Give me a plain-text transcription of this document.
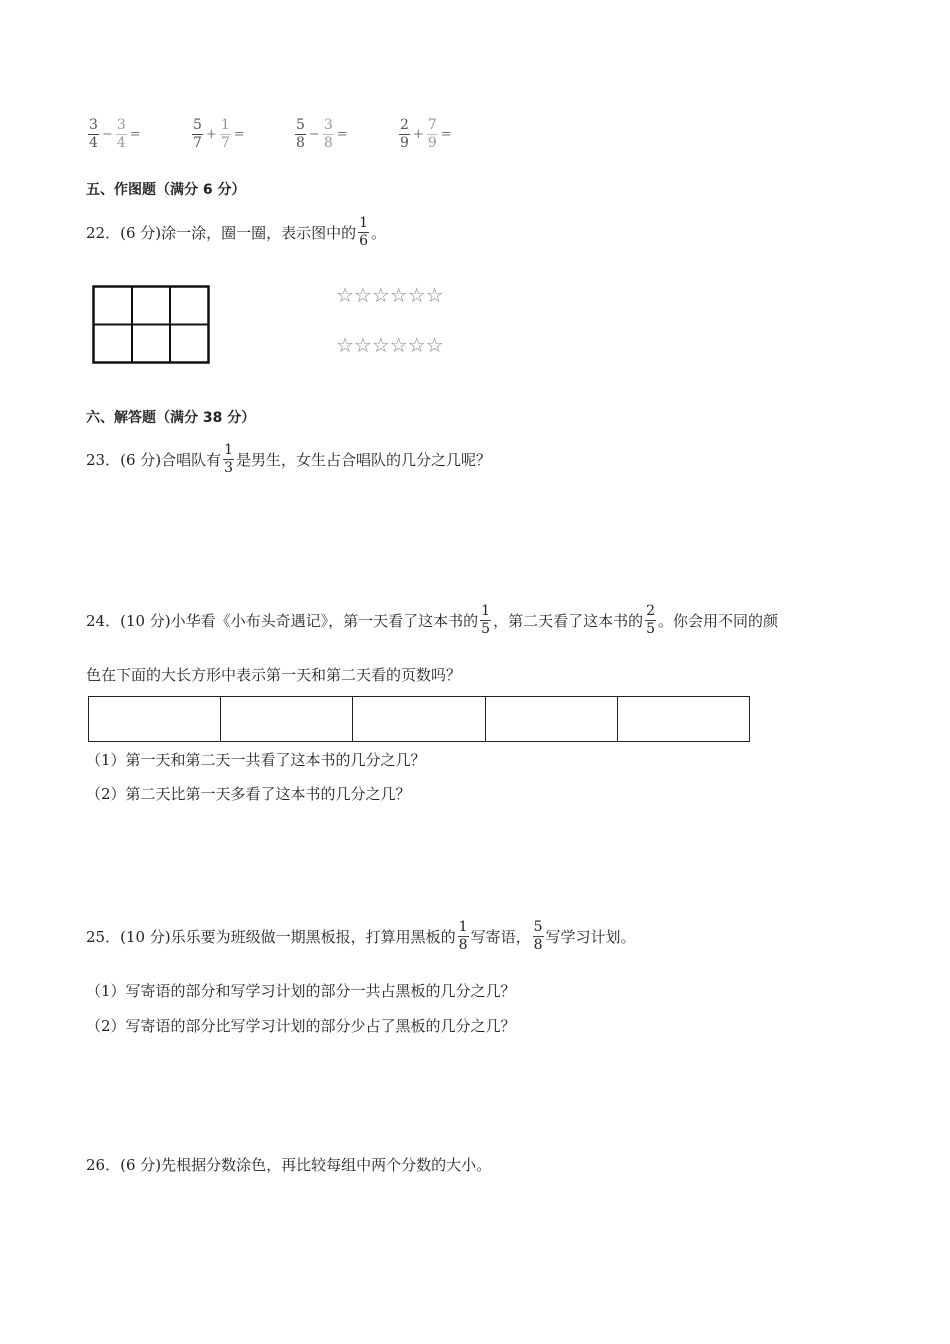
$\frac{3}{4} - \frac{3}{4}$ =	$\frac{5}{7} + \frac{1}{7}$ =	$\frac{5}{8} - \frac{3}{8}$ =	$\frac{2}{9} + \frac{7}{9}$ =
五、作图题（满分 6 分）
22．(6 分)涂一涂，圈一圈，表示图中的 $\frac{1}{6}$ 。
☆☆☆☆☆☆
☆☆☆☆☆☆
六、解答题（满分 38 分）
23．(6 分)合唱队有 $\frac{1}{3}$ 是男生，女生占合唱队的几分之几呢？
24．(10 分)小华看《小布头奇遇记》，第一天看了这本书的 $\frac{1}{5}$ ，第二天看了这本书的 $\frac{2}{5}$ 。你会用不同的颜
色在下面的大长方形中表示第一天和第二天看的页数吗？
（1）第一天和第二天一共看了这本书的几分之几？
（2）第二天比第一天多看了这本书的几分之几？
25．(10 分)乐乐要为班级做一期黑板报，打算用黑板的 $\frac{1}{8}$ 写寄语， $\frac{5}{8}$ 写学习计划。
（1）写寄语的部分和写学习计划的部分一共占黑板的几分之几？
（2）写寄语的部分比写学习计划的部分少占了黑板的几分之几？
26．(6 分)先根据分数涂色，再比较每组中两个分数的大小。
